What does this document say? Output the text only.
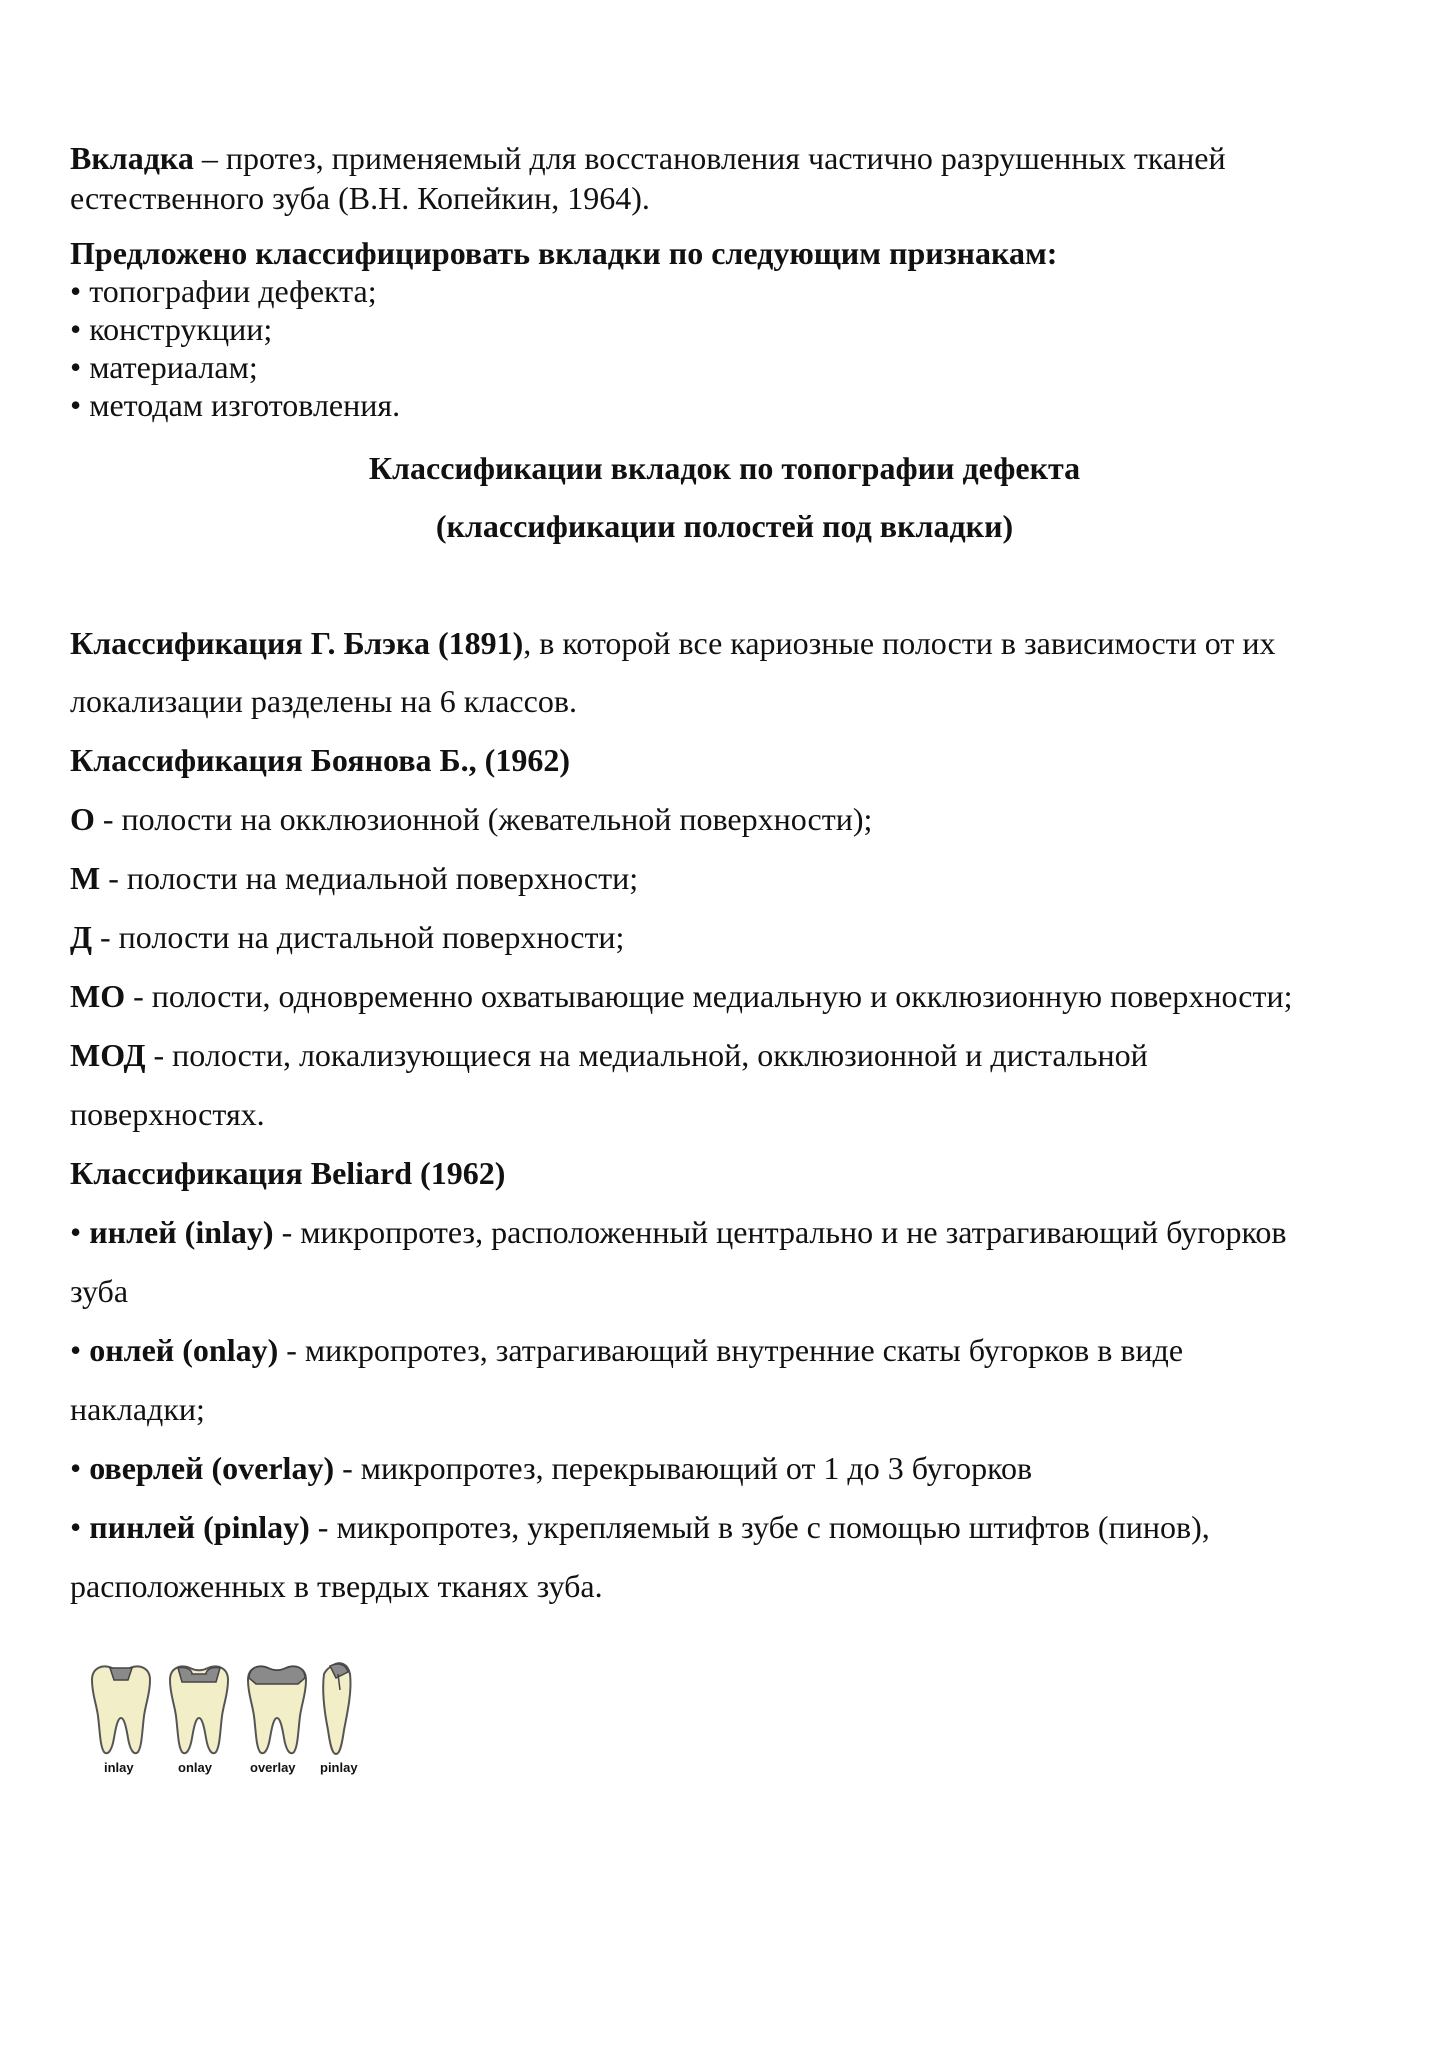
Вкладка – протез, применяемый для восстановления частично разрушенных тканей
естественного зуба (В.Н. Копейкин, 1964).
Предложено классифицировать вкладки по следующим признакам:
• топографии дефекта;
• конструкции;
• материалам;
• методам изготовления.
Классификации вкладок по топографии дефекта
(классификации полостей под вкладки)
Классификация Г. Блэка (1891), в которой все кариозные полости в зависимости от их
локализации разделены на 6 классов.
Классификация Боянова Б., (1962)
О - полости на окклюзионной (жевательной поверхности);
М - полости на медиальной поверхности;
Д - полости на дистальной поверхности;
МО - полости, одновременно охватывающие медиальную и окклюзионную поверхности;
МОД - полости, локализующиеся на медиальной, окклюзионной и дистальной
поверхностях.
Классификация Beliard (1962)
• инлей (inlay) - микропротез, расположенный центрально и не затрагивающий бугорков
зуба
• онлей (onlay) - микропротез, затрагивающий внутренние скаты бугорков в виде
накладки;
• оверлей (overlay) - микропротез, перекрывающий от 1 до 3 бугорков
• пинлей (pinlay) - микропротез, укрепляемый в зубе с помощью штифтов (пинов),
расположенных в твердых тканях зуба.
inlay	onlay	overlay pinlay
